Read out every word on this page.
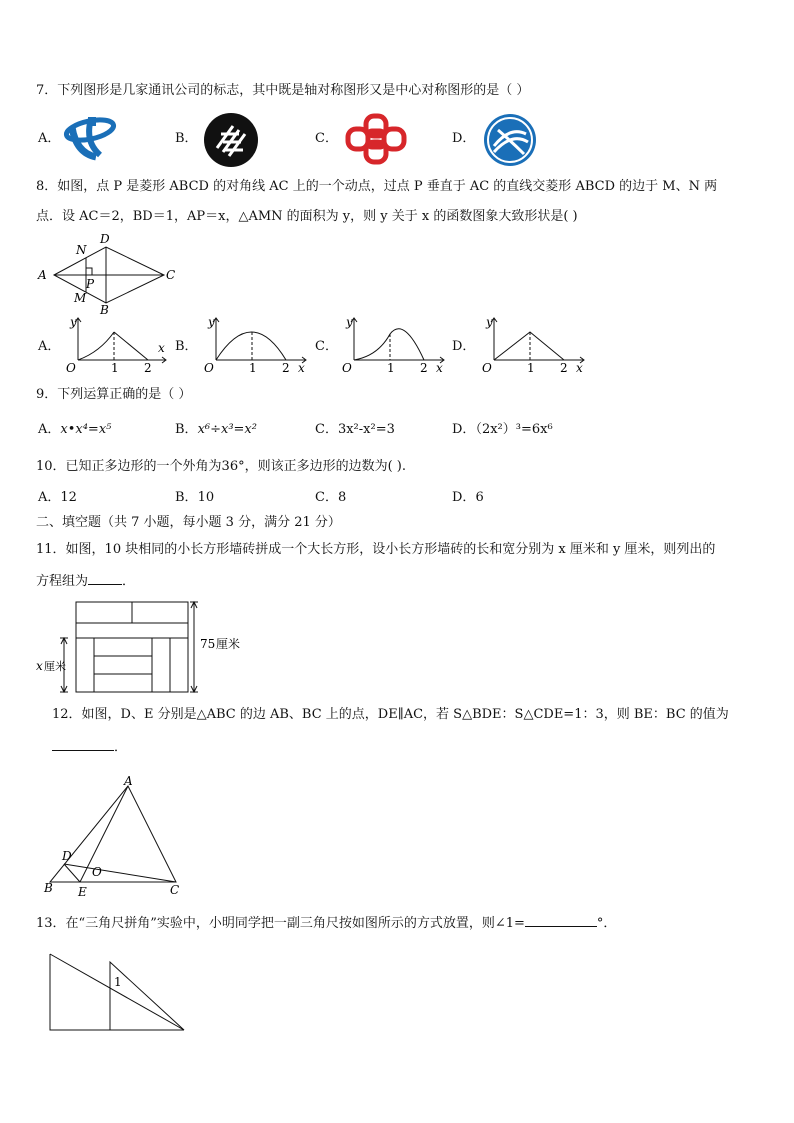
7．下列图形是几家通讯公司的标志，其中既是轴对称图形又是中心对称图形的是（ ）
A．	B．	C．	D．
8．如图，点 P 是菱形 ABCD 的对角线 AC 上的一个动点，过点 P 垂直于 AC 的直线交菱形 ABCD 的边于 M、N 两
点．设 AC＝2，BD＝1，AP＝x，△AMN 的面积为 y，则 y 关于 x 的函数图象大致形状是( )
A
D
C
B
N
M
P
A．
y
x
O	1 2
B．
y
x
O	1 2
C．
y
x
O	1 2
D．
y
x
O	1 2
9．下列运算正确的是（ ）
A．x•x⁴=x⁵	B．x⁶÷x³=x²	C．3x²-x²=3	D．（2x²）³=6x⁶
10．已知正多边形的一个外角为36°，则该正多边形的边数为( ).
A．12	B．10	C．8	D．6
二、填空题（共 7 小题，每小题 3 分，满分 21 分）
11．如图，10 块相同的小长方形墙砖拼成一个大长方形，设小长方形墙砖的长和宽分别为 x 厘米和 y 厘米，则列出的
方程组为	．
75 厘米
x 厘米
12．如图，D、E 分别是△ABC 的边 AB、BC 上的点，DE∥AC，若 S△BDE：S△CDE=1：3，则 BE：BC 的值为
．
A
B	C
D
E
O
13．在“三角尺拼角”实验中，小明同学把一副三角尺按如图所示的方式放置，则∠1=	°．
1
